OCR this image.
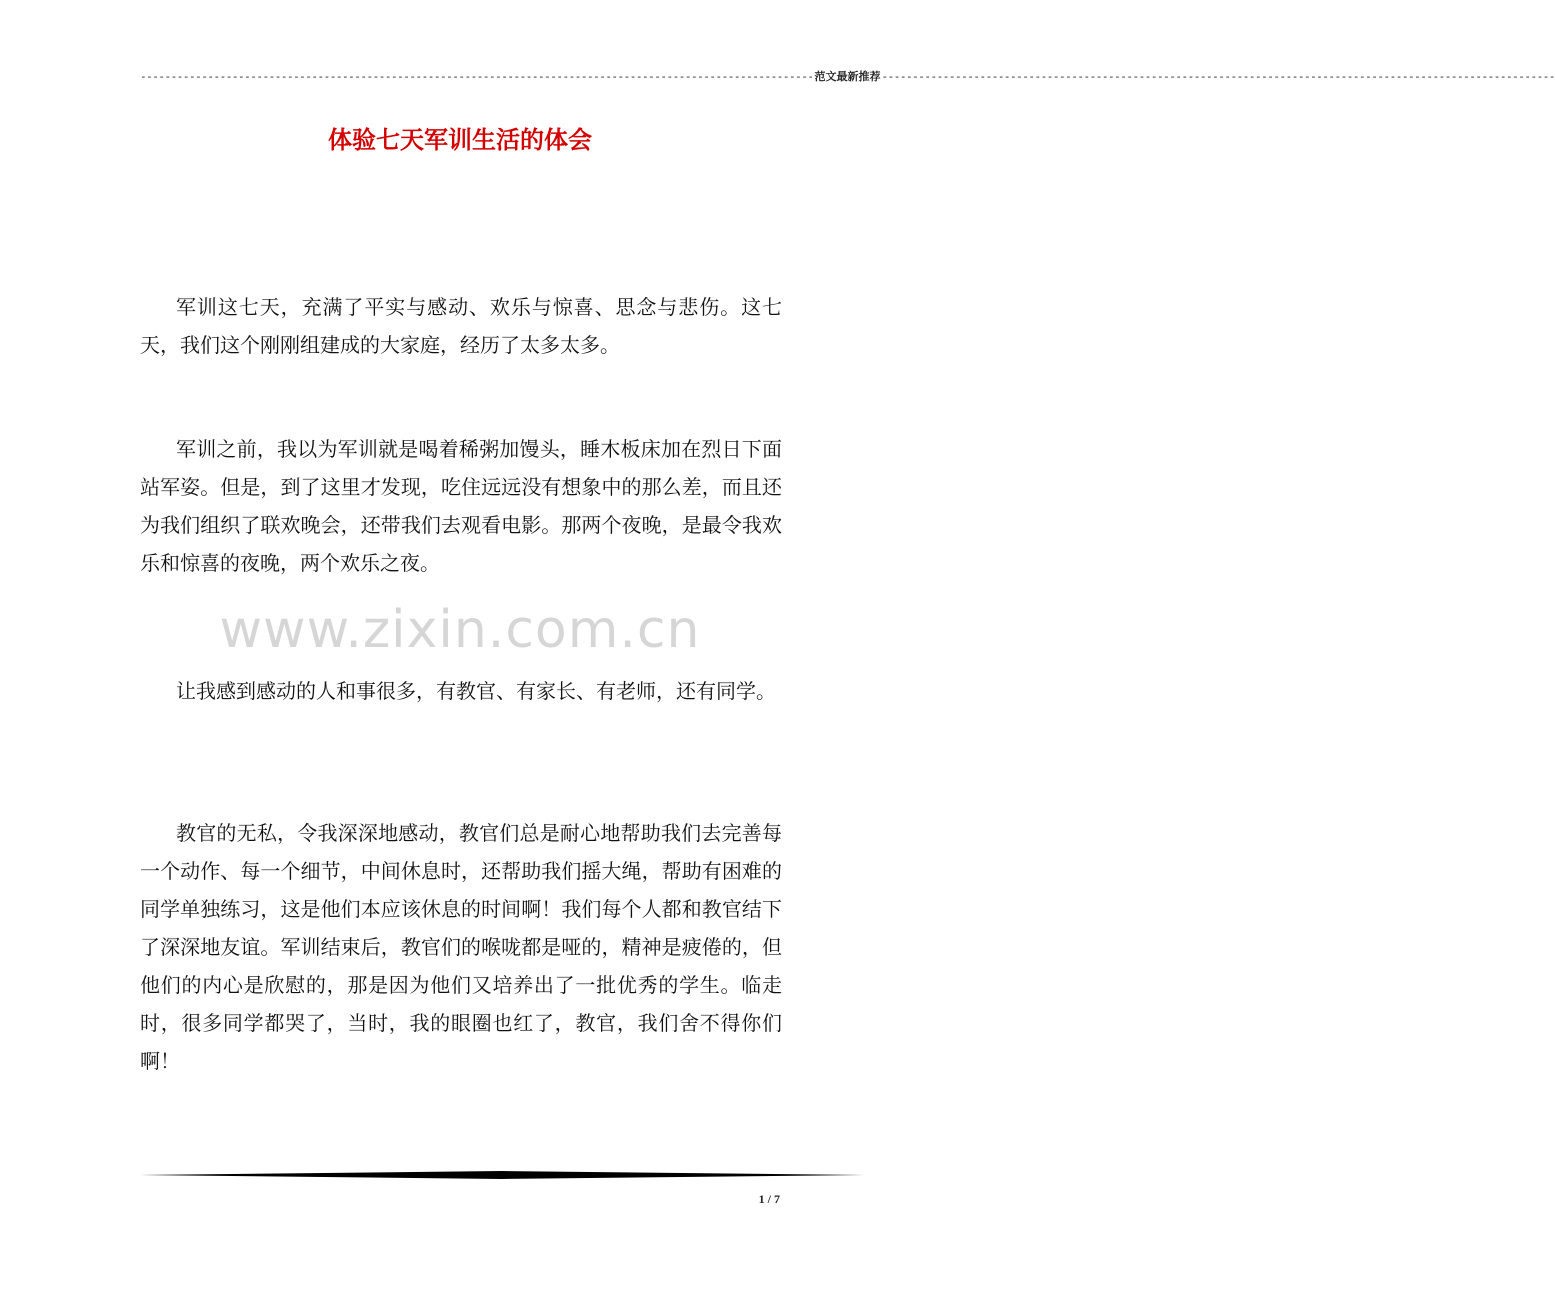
-------------------------------------------------------------------------------------------------------------- 范文最新推荐 --------------------------------------------------------------------------------------------------------------
体验七天军训生活的体会

军训这七天，充满了平实与感动、欢乐与惊喜、思念与悲伤。这七天，我们这个刚刚组建成的大家庭，经历了太多太多。

军训之前，我以为军训就是喝着稀粥加馒头，睡木板床加在烈日下面站军姿。但是，到了这里才发现，吃住远远没有想象中的那么差，而且还为我们组织了联欢晚会，还带我们去观看电影。那两个夜晚，是最令我欢乐和惊喜的夜晚，两个欢乐之夜。

www.zixin.com.cn

让我感到感动的人和事很多，有教官、有家长、有老师，还有同学。

教官的无私，令我深深地感动，教官们总是耐心地帮助我们去完善每一个动作、每一个细节，中间休息时，还帮助我们摇大绳，帮助有困难的同学单独练习，这是他们本应该休息的时间啊！我们每个人都和教官结下了深深地友谊。军训结束后，教官们的喉咙都是哑的，精神是疲倦的，但他们的内心是欣慰的，那是因为他们又培养出了一批优秀的学生。临走时，很多同学都哭了，当时，我的眼圈也红了，教官，我们舍不得你们啊！

1 / 7
